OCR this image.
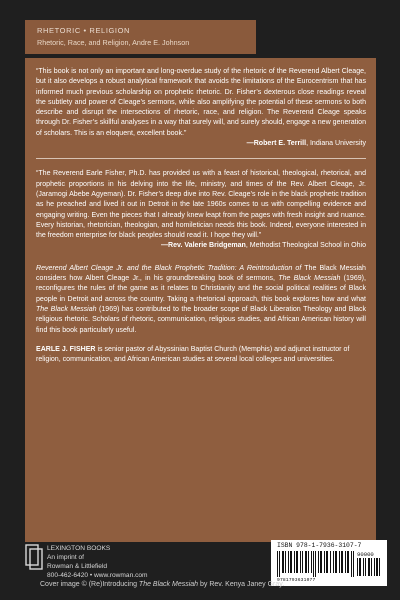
RHETORIC • RELIGION
Rhetoric, Race, and Religion, Andre E. Johnson

“This book is not only an important and long-overdue study of the rhetoric of the Reverend Albert Cleage, but it also develops a robust analytical framework that avoids the limitations of the Eurocentrism that has informed much previous scholarship on prophetic rhetoric. Dr. Fisher’s dexterous close readings reveal the subtlety and power of Cleage’s sermons, while also amplifying the potential of these sermons to both describe and disrupt the intersections of rhetoric, race, and religion. The Reverend Cleage speaks through Dr. Fisher’s skillful analyses in a way that surely will, and surely should, engage a new generation of scholars. This is an eloquent, excellent book.”

—Robert E. Terrill, Indiana University

“The Reverend Earle Fisher, Ph.D. has provided us with a feast of historical, theological, rhetorical, and prophetic proportions in his delving into the life, ministry, and times of the Rev. Albert Cleage, Jr. (Jaramogi Abebe Agyeman). Dr. Fisher’s deep dive into Rev. Cleage’s role in the black prophetic tradition as he preached and lived it out in Detroit in the late 1960s comes to us with compelling evidence and engaging writing. Even the pieces that I already knew leapt from the pages with fresh insight and nuance. Every historian, rhetorician, theologian, and homiletician needs this book. Indeed, everyone interested in the freedom enterprise for black peoples should read it. I hope they will.”

—Rev. Valerie Bridgeman, Methodist Theological School in Ohio

Reverend Albert Cleage Jr. and the Black Prophetic Tradition: A Reintroduction of The Black Messiah considers how Albert Cleage Jr., in his groundbreaking book of sermons, The Black Messiah (1969), reconfigures the rules of the game as it relates to Christianity and the social political realities of Black people in Detroit and across the country. Taking a rhetorical approach, this book explores how and what The Black Messiah (1969) has contributed to the broader scope of Black Liberation Theology and Black religious rhetoric. Scholars of rhetoric, communication, religious studies, and African American history will find this book particularly useful.

EARLE J. FISHER is senior pastor of Abyssinian Baptist Church (Memphis) and adjunct instructor of religion, communication, and African American studies at several local colleges and universities.

LEXINGTON BOOKS
An imprint of
Rowman & Littlefield
800-462-6420 • www.rowman.com
ISBN 978-1-7936-3107-7
90000
9781793631077
Cover image © (Re)Introducing The Black Messiah by Rev. Kenya Janey Gray.
